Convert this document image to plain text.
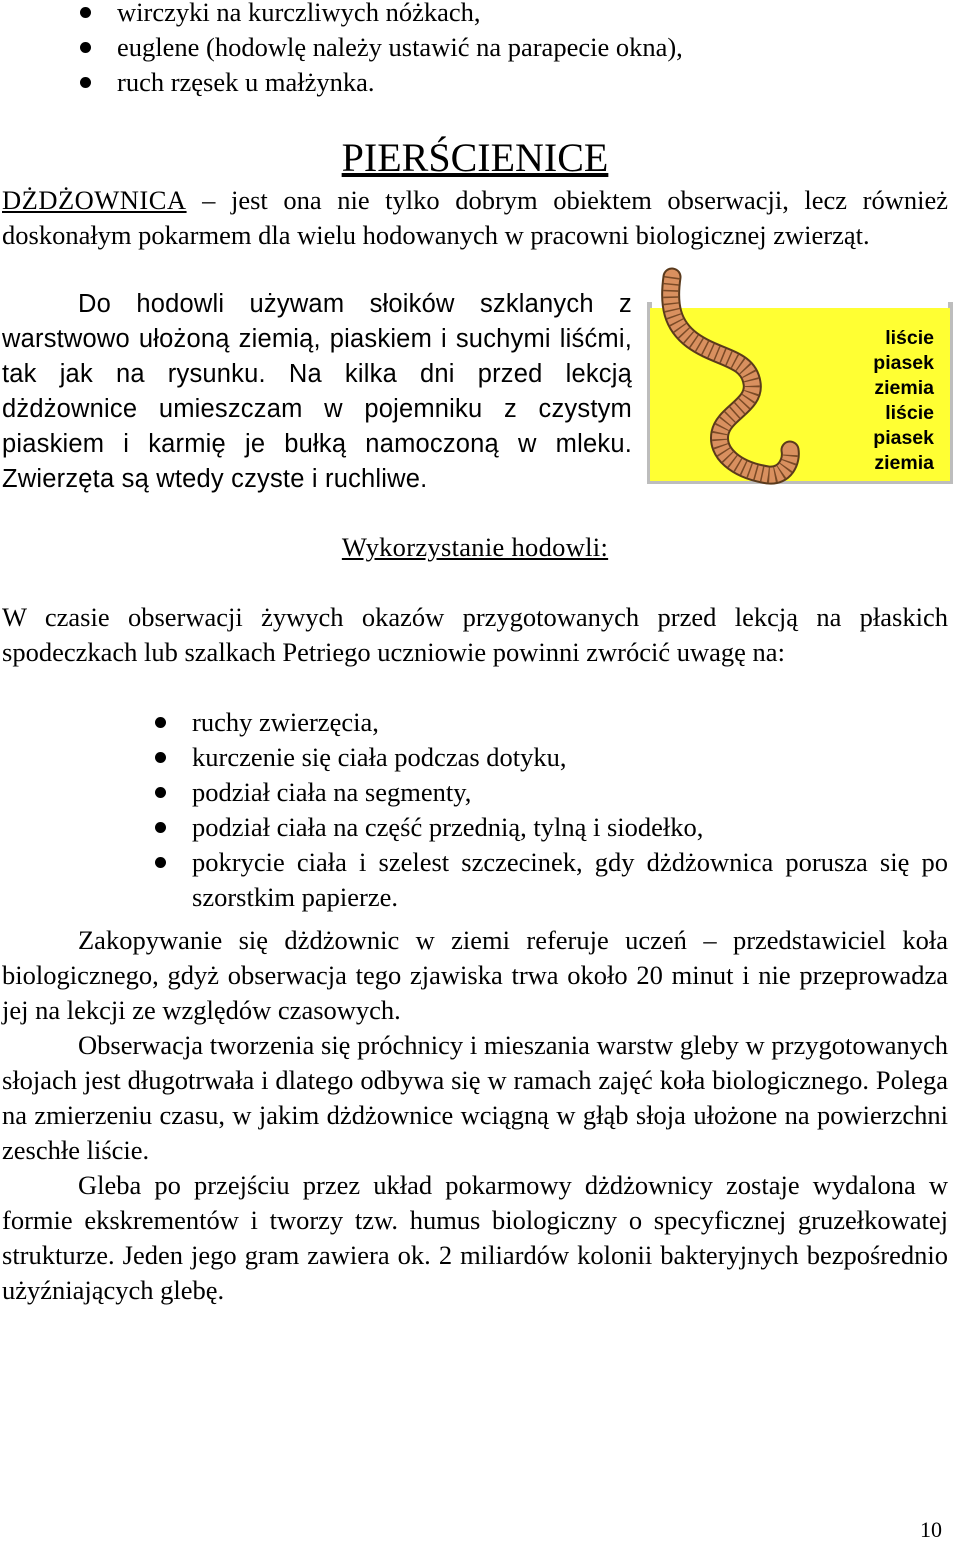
wirczyki na kurczliwych nóżkach,
euglene (hodowlę należy ustawić na parapecie okna),
ruch rzęsek u małżynka.
PIERŚCIENICE
DŻDŻOWNICA – jest ona nie tylko dobrym obiektem obserwacji, lecz również doskonałym pokarmem dla wielu hodowanych w pracowni biologicznej zwierząt.
Do hodowli używam słoików szklanych z warstwowo ułożoną ziemią, piaskiem i suchymi liśćmi, tak jak na rysunku. Na kilka dni przed lekcją dżdżownice umieszczam w pojemniku z czystym piaskiem i karmię je bułką namoczoną w mleku. Zwierzęta są wtedy czyste i ruchliwe.
liście
piasek
ziemia
liście
piasek
ziemia
Wykorzystanie hodowli:
W czasie obserwacji żywych okazów przygotowanych przed lekcją na płaskich spodeczkach lub szalkach Petriego uczniowie powinni zwrócić uwagę na:
ruchy zwierzęcia,
kurczenie się ciała podczas dotyku,
podział ciała na segmenty,
podział ciała na część przednią, tylną i siodełko,
pokrycie ciała i szelest szczecinek, gdy dżdżownica porusza się po szorstkim papierze.

Zakopywanie się dżdżownic w ziemi referuje uczeń – przedstawiciel koła biologicznego, gdyż obserwacja tego zjawiska trwa około 20 minut i nie przeprowadza jej na lekcji ze względów czasowych.

Obserwacja tworzenia się próchnicy i mieszania warstw gleby w przygotowanych słojach jest długotrwała i dlatego odbywa się w ramach zajęć koła biologicznego. Polega na zmierzeniu czasu, w jakim dżdżownice wciągną w głąb słoja ułożone na powierzchni zeschłe liście.

Gleba po przejściu przez układ pokarmowy dżdżownicy zostaje wydalona w formie ekskrementów i tworzy tzw. humus biologiczny o specyficznej gruzełkowatej strukturze. Jeden jego gram zawiera ok. 2 miliardów kolonii bakteryjnych bezpośrednio użyźniających glebę.

10
